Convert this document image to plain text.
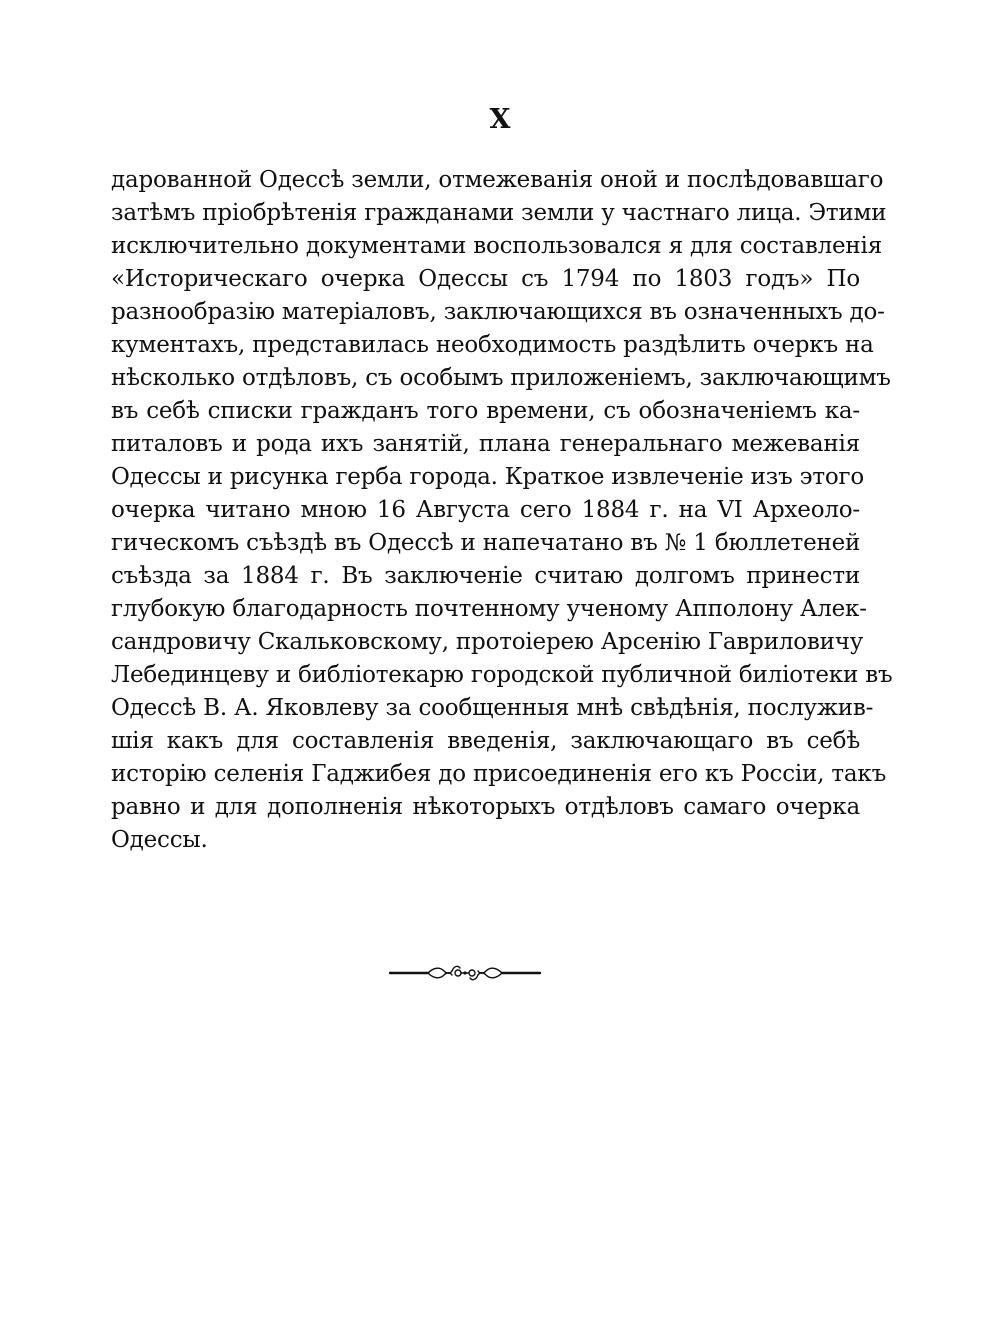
X
дарованной Одессѣ земли, отмежеванія оной и послѣдовавшаго
затѣмъ пріобрѣтенія гражданами земли у частнаго лица. Этими
исключительно документами воспользовался я для составленія
«Историческаго очерка Одессы съ 1794 по 1803 годъ» По
разнообразію матеріаловъ, заключающихся въ означенныхъ до-
кументахъ, представилась необходимость раздѣлить очеркъ на
нѣсколько отдѣловъ, съ особымъ приложеніемъ, заключающимъ
въ себѣ списки гражданъ того времени, съ обозначеніемъ ка-
питаловъ и рода ихъ занятій, плана генеральнаго межеванія
Одессы и рисунка герба города. Краткое извлеченіе изъ этого
очерка читано мною 16 Августа сего 1884 г. на VI Археоло-
гическомъ съѣздѣ въ Одессѣ и напечатано въ № 1 бюллетеней
съѣзда за 1884 г. Въ заключеніе считаю долгомъ принести
глубокую благодарность почтенному ученому Апполону Алек-
сандровичу Скальковскому, протоіерею Арсенію Гавриловичу
Лебединцеву и библіотекарю городской публичной биліотеки въ
Одессѣ В. А. Яковлеву за сообщенныя мнѣ свѣдѣнія, послужив-
шія какъ для составленія введенія, заключающаго въ себѣ
исторію селенія Гаджибея до присоединенія его къ Россіи, такъ
равно и для дополненія нѣкоторыхъ отдѣловъ самаго очерка
Одессы.
